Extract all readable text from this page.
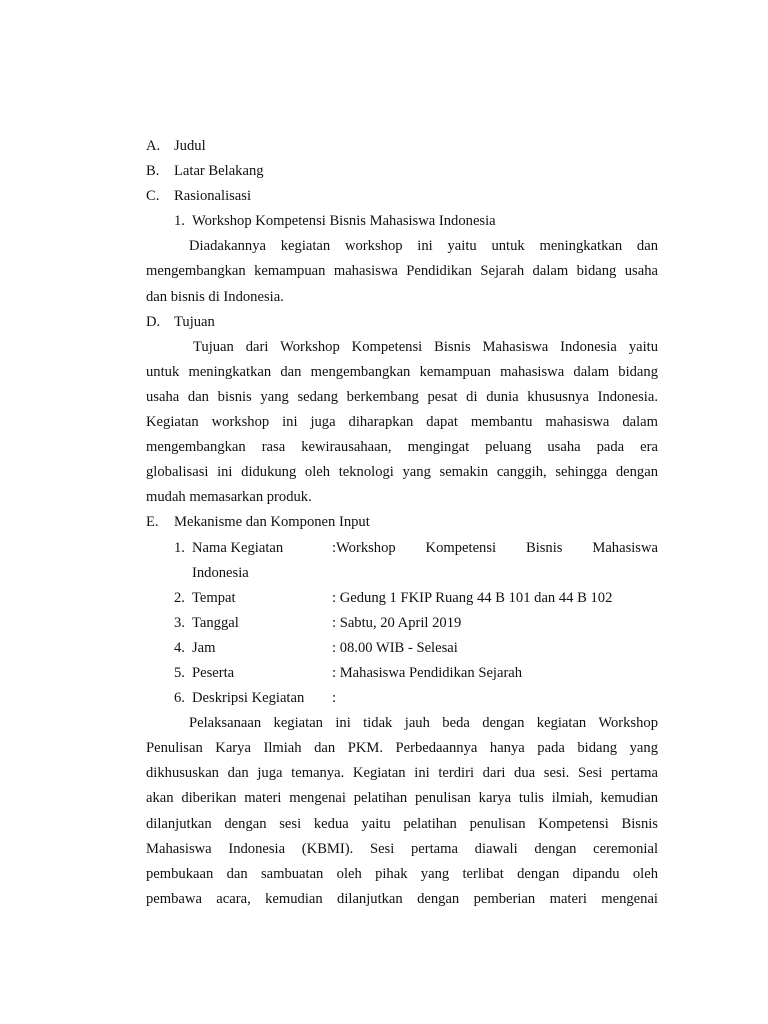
A. Judul
B.	Latar Belakang
C.	Rasionalisasi
1. Workshop Kompetensi Bisnis Mahasiswa Indonesia
Diadakannya kegiatan workshop ini yaitu untuk meningkatkan dan
mengembangkan kemampuan mahasiswa Pendidikan Sejarah dalam bidang usaha
dan bisnis di Indonesia.
D. Tujuan
Tujuan dari Workshop Kompetensi Bisnis Mahasiswa Indonesia yaitu
untuk meningkatkan dan mengembangkan kemampuan mahasiswa dalam bidang
usaha dan bisnis yang sedang berkembang pesat di dunia khususnya Indonesia.
Kegiatan workshop ini juga diharapkan dapat membantu mahasiswa dalam
mengembangkan rasa kewirausahaan, mengingat peluang usaha pada era
globalisasi ini didukung oleh teknologi yang semakin canggih, sehingga dengan
mudah memasarkan produk.
E.	Mekanisme dan Komponen Input
1. Nama Kegiatan	:Workshop Kompetensi Bisnis Mahasiswa
Indonesia
2. Tempat	: Gedung 1 FKIP Ruang 44 B 101 dan 44 B 102
3. Tanggal	: Sabtu, 20 April 2019
4. Jam	: 08.00 WIB - Selesai
5. Peserta	: Mahasiswa Pendidikan Sejarah
6. Deskripsi Kegiatan	:
Pelaksanaan kegiatan ini tidak jauh beda dengan kegiatan Workshop
Penulisan Karya Ilmiah dan PKM. Perbedaannya hanya pada bidang yang
dikhususkan dan juga temanya. Kegiatan ini terdiri dari dua sesi. Sesi pertama
akan diberikan materi mengenai pelatihan penulisan karya tulis ilmiah, kemudian
dilanjutkan dengan sesi kedua yaitu pelatihan penulisan Kompetensi Bisnis
Mahasiswa Indonesia (KBMI). Sesi pertama diawali dengan ceremonial
pembukaan dan sambuatan oleh pihak yang terlibat dengan dipandu oleh
pembawa acara, kemudian dilanjutkan dengan pemberian materi mengenai
